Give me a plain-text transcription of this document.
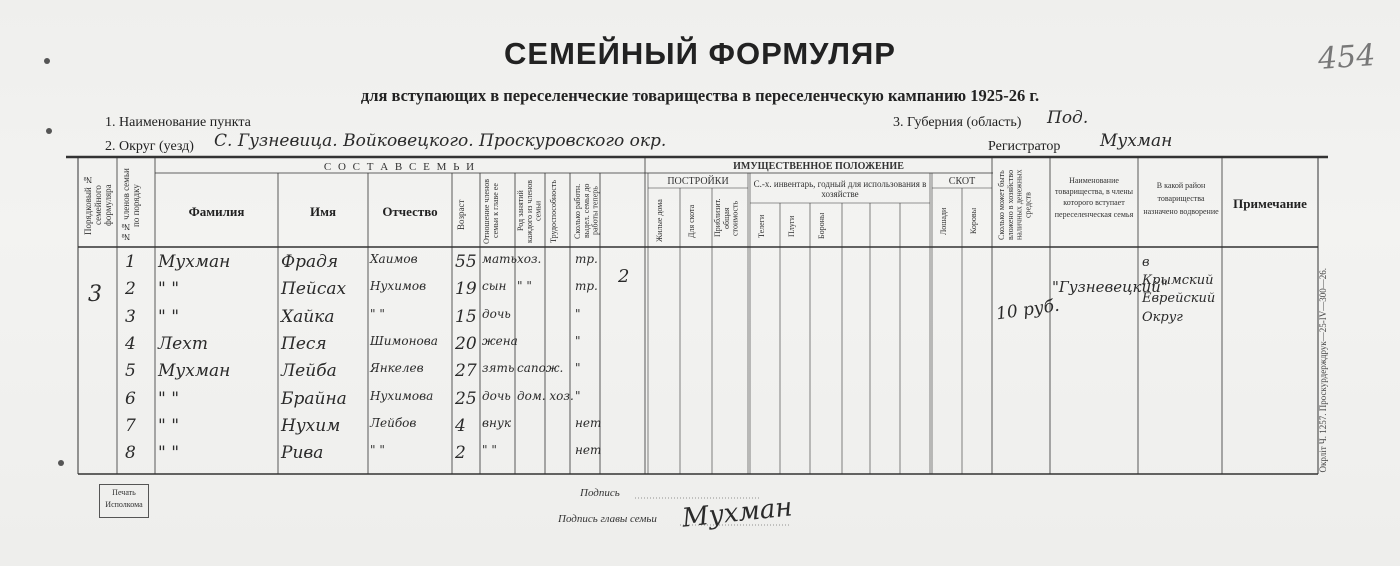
454
СЕМЕЙНЫЙ ФОРМУЛЯР
для вступающих в переселенческие товарищества в переселенческую кампанию 1925-26 г.
1. Наименование пункта
2. Округ (уезд) С. Гузневица. Войковецкого. Проскуровского окр.
3. Губерния (область) Под.
Регистратор Мухман
С О С Т А В С Е М Ь И	ИМУЩЕСТВЕННОЕ ПОЛОЖЕНИЕ
ПОСТРОЙКИ	С.-х. инвентарь, годный для использования в хозяйстве
СКОТ
Порядковый № семейного формуляра №№ членов семьи по порядку	Фамилия	Имя	Отчество	Возраст	Отношение членов семьи к главе ее	Род занятий каждого из членов семьи Трудоспособность	Сколько работн. выдел. семья до работы теперь	Жилые дома	Для скота	Приблизит. общая стоимость	Телеги	Плуги	Бороны	Лошади	Коровы	Сколько может быть вложено в хозяйство наличных денежных средств
Наименование товарищества, в члены которого вступает переселенческая семья
В какой район товарищества назначено водворение
Примечание
3
2
10 руб.
"Гузневецкий"
в Крымский Еврейский Округ
1	Мухман	Фрадя	Хаимов	55 мать хоз.	тр.
2	" "	Пейсах	Нухимов	19 сын " "	тр.
3	" "	Хайка	" "	15 дочь	"
4	Лехт	Песя	Шимонова	20 жена	"
5	Мухман	Лейба	Янкелев	27 зять сапож. "
6	" "	Брайна	Нухимова	25 дочь дом. хоз. "
7	" "	Нухим	Лейбов	4	внук	нет
8	" "	Рива	" "	2	" "	нет
Печать Исполкома
Подпись
Подпись главы семьи Мухман
Окрлiт Ч. 1257. Проскурдерждрук—25-IV—300—26.
